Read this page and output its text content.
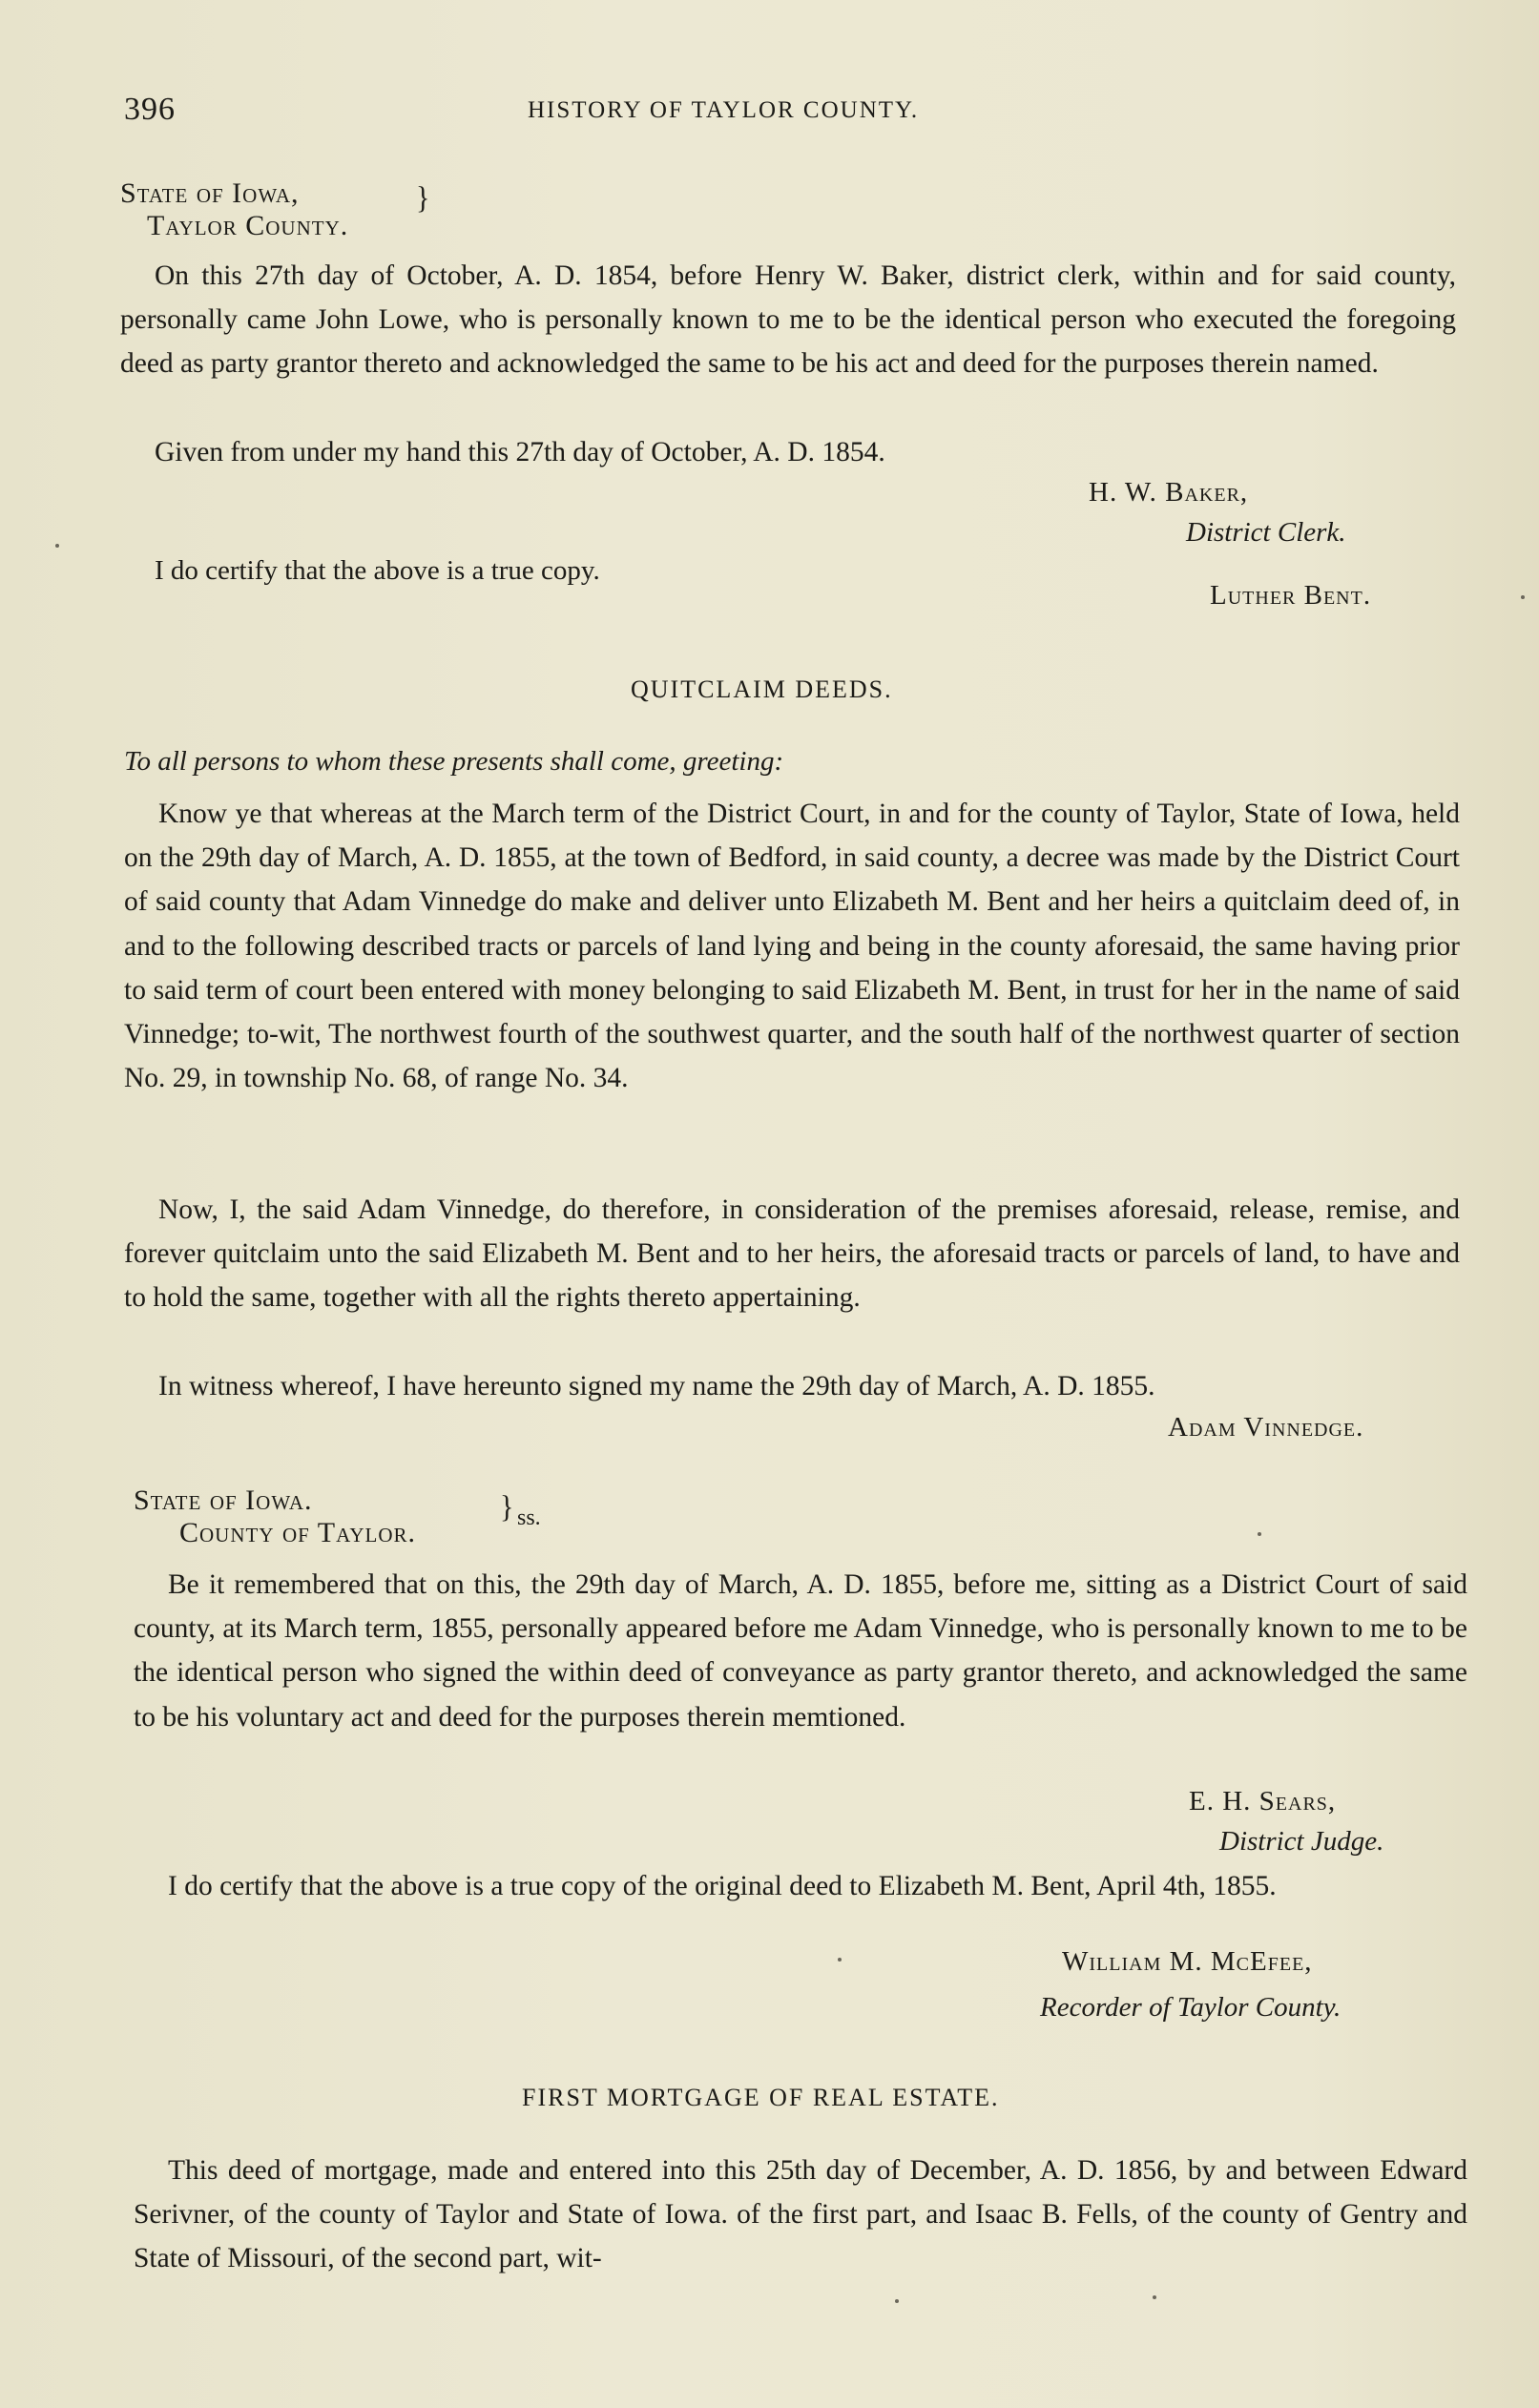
396	HISTORY OF TAYLOR COUNTY.
State of Iowa,
Taylor County.
}
On this 27th day of October, A. D. 1854, before Henry W. Baker, district clerk, within and for said county, personally came John Lowe, who is personally known to me to be the identical person who executed the foregoing deed as party grantor thereto and acknowledged the same to be his act and deed for the purposes therein named.
Given from under my hand this 27th day of October, A. D. 1854.
H. W. Baker,
District Clerk.
I do certify that the above is a true copy.
Luther Bent.
QUITCLAIM DEEDS.
To all persons to whom these presents shall come, greeting:
Know ye that whereas at the March term of the District Court, in and for the county of Taylor, State of Iowa, held on the 29th day of March, A. D. 1855, at the town of Bedford, in said county, a decree was made by the District Court of said county that Adam Vinnedge do make and deliver unto Elizabeth M. Bent and her heirs a quitclaim deed of, in and to the following described tracts or parcels of land lying and being in the county aforesaid, the same having prior to said term of court been entered with money belonging to said Elizabeth M. Bent, in trust for her in the name of said Vinnedge; to-wit, The northwest fourth of the southwest quarter, and the south half of the northwest quarter of section No. 29, in township No. 68, of range No. 34.
Now, I, the said Adam Vinnedge, do therefore, in consideration of the premises aforesaid, release, remise, and forever quitclaim unto the said Elizabeth M. Bent and to her heirs, the aforesaid tracts or parcels of land, to have and to hold the same, together with all the rights thereto appertaining.
In witness whereof, I have hereunto signed my name the 29th day of March, A. D. 1855.
Adam Vinnedge.
State of Iowa.
County of Taylor.
} ss.
Be it remembered that on this, the 29th day of March, A. D. 1855, before me, sitting as a District Court of said county, at its March term, 1855, personally appeared before me Adam Vinnedge, who is personally known to me to be the identical person who signed the within deed of conveyance as party grantor thereto, and acknowledged the same to be his voluntary act and deed for the purposes therein memtioned.
E. H. Sears,
District Judge.
I do certify that the above is a true copy of the original deed to Elizabeth M. Bent, April 4th, 1855.
William M. McEfee,
Recorder of Taylor County.
FIRST MORTGAGE OF REAL ESTATE.
This deed of mortgage, made and entered into this 25th day of December, A. D. 1856, by and between Edward Serivner, of the county of Taylor and State of Iowa. of the first part, and Isaac B. Fells, of the county of Gentry and State of Missouri, of the second part, wit-
